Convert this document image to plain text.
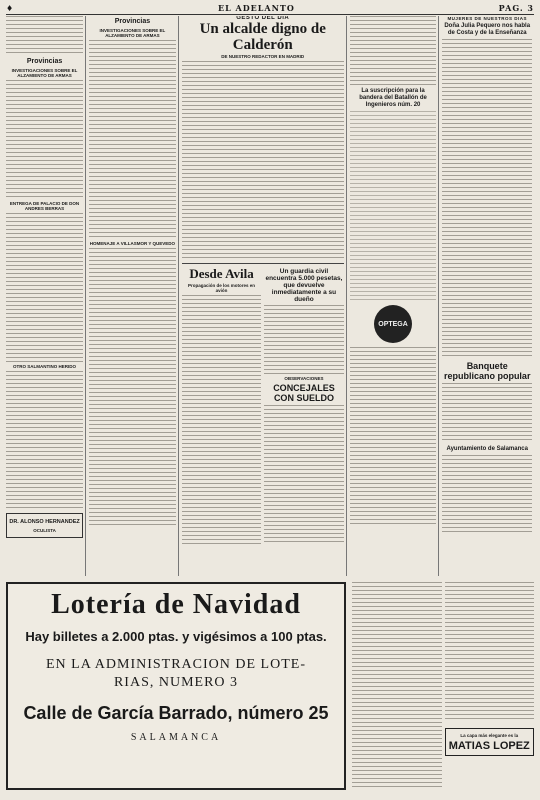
♦	EL ADELANTO	PAG. 3
Provincias
INVESTIGACIONES SOBRE EL ALZAMIENTO DE ARMAS
ENTREGA DE PALACIO DE DON ANDRES BERRAS
OTRO SALMANTINO HERIDO
DR. ALONSO HERNANDEZ
OCULISTA
Provincias
INVESTIGACIONES SOBRE EL ALZAMIENTO DE ARMAS
HOMENAJE A VILLASMOR Y QUEVEDO
GESTO DEL DIA
Un alcalde digno de Calderón
DE NUESTRO REDACTOR EN MADRID
Desde Avila
Propagación de los motores en avión
Un guardia civil encuentra 5.000 pesetas, que devuelve inmediatamente a su dueño
OBSERVACIONES
CONCEJALES CON SUELDO
La suscripción para la bandera del Batallón de Ingenieros núm. 20
OPTEGA
MUJERES DE NUESTROS DIAS
Doña Julia Pequero nos habla de Costa y de la Enseñanza
Banquete republicano popular
Ayuntamiento de Salamanca
Lotería de Navidad
Hay billetes a 2.000 ptas. y vigésimos a 100 ptas.
EN LA ADMINISTRACION DE LOTE-
RIAS, NUMERO 3
Calle de García Barrado, número 25
SALAMANCA	La capa más elegante es la
MATIAS LOPEZ
